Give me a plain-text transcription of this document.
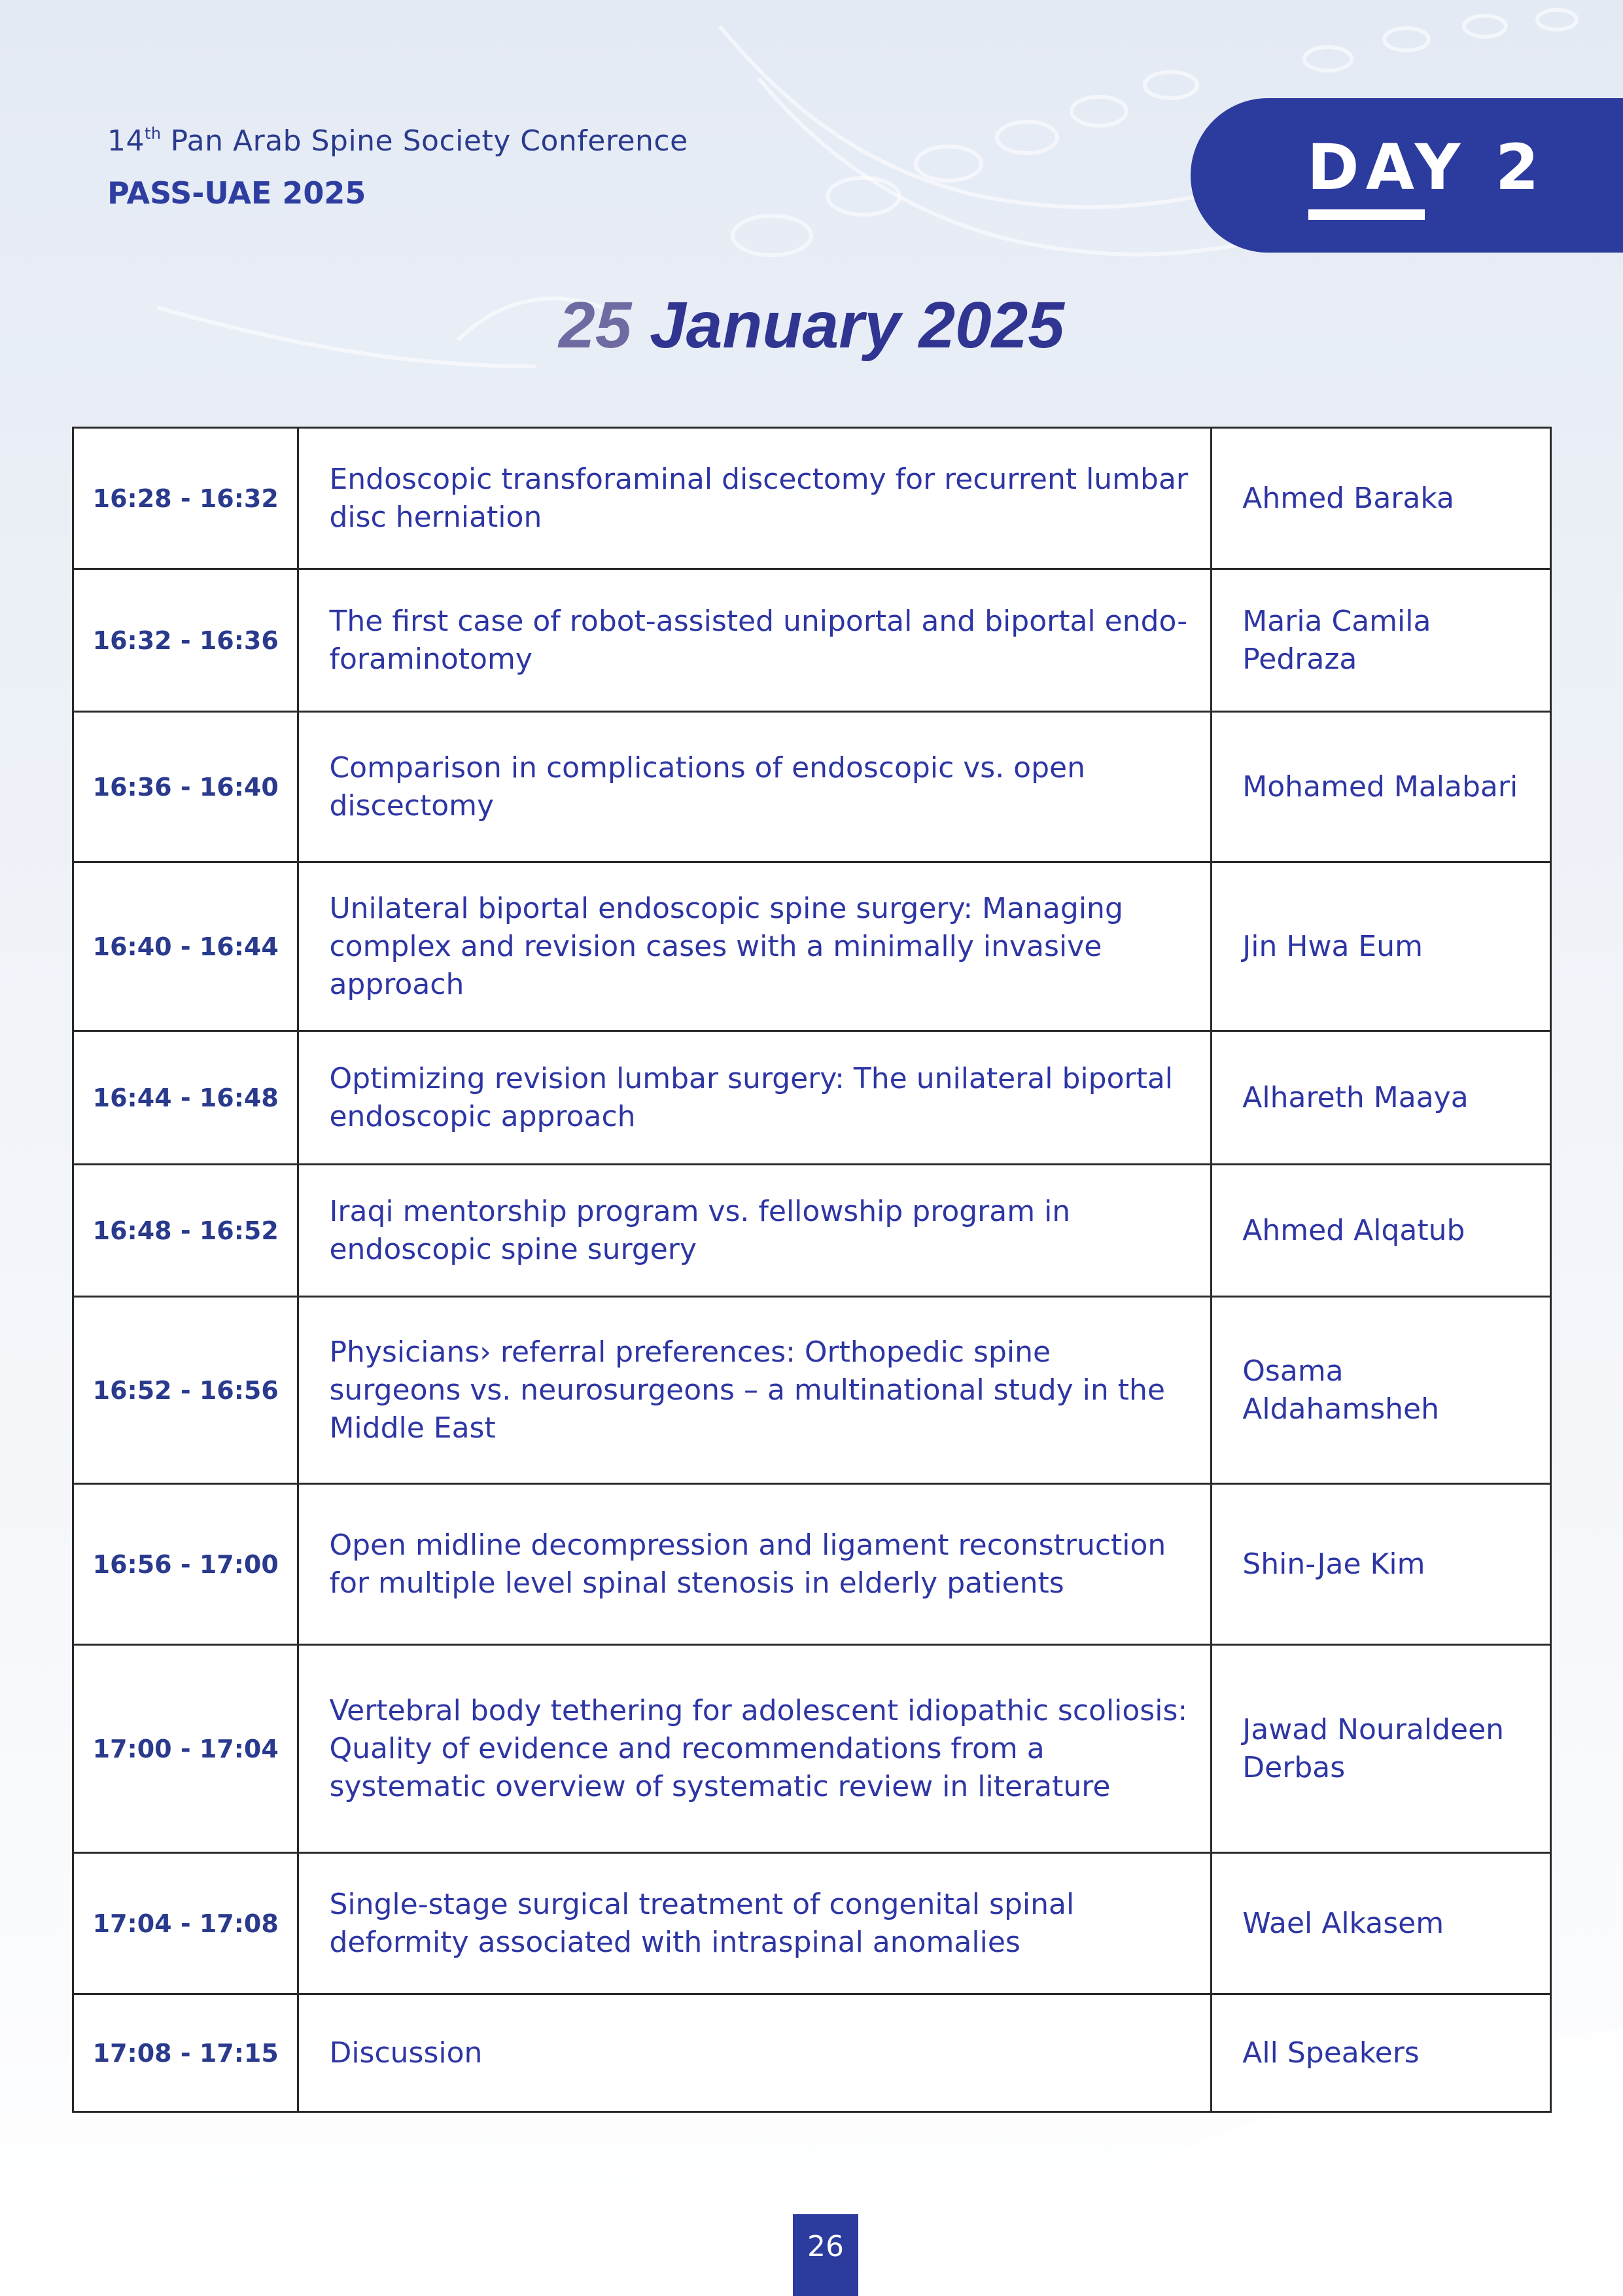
14th Pan Arab Spine Society Conference
PASS-UAE 2025	DAY 2
25 January 2025
16:28 - 16:32	Endoscopic transforaminal discectomy for recurrent lumbar disc herniation	Ahmed Baraka
16:32 - 16:36	The first case of robot-assisted uniportal and biportal endo-foraminotomy	Maria Camila Pedraza
16:36 - 16:40	Comparison in complications of endoscopic vs. open discectomy	Mohamed Malabari
16:40 - 16:44	Unilateral biportal endoscopic spine surgery: Managing complex and revision cases with a minimally invasive approach	Jin Hwa Eum
16:44 - 16:48	Optimizing revision lumbar surgery: The unilateral biportal endoscopic approach	Alhareth Maaya
16:48 - 16:52	Iraqi mentorship program vs. fellowship program in endoscopic spine surgery	Ahmed Alqatub
16:52 - 16:56	Physicians› referral preferences: Orthopedic spine surgeons vs. neurosurgeons – a multinational study in the Middle East	Osama Aldahamsheh
16:56 - 17:00	Open midline decompression and ligament reconstruction for multiple level spinal stenosis in elderly patients	Shin-Jae Kim
17:00 - 17:04	Vertebral body tethering for adolescent idiopathic scoliosis: Quality of evidence and recommendations from a systematic overview of systematic review in literature	Jawad Nouraldeen Derbas
17:04 - 17:08	Single-stage surgical treatment of congenital spinal deformity associated with intraspinal anomalies	Wael Alkasem
17:08 - 17:15	Discussion	All Speakers
26
